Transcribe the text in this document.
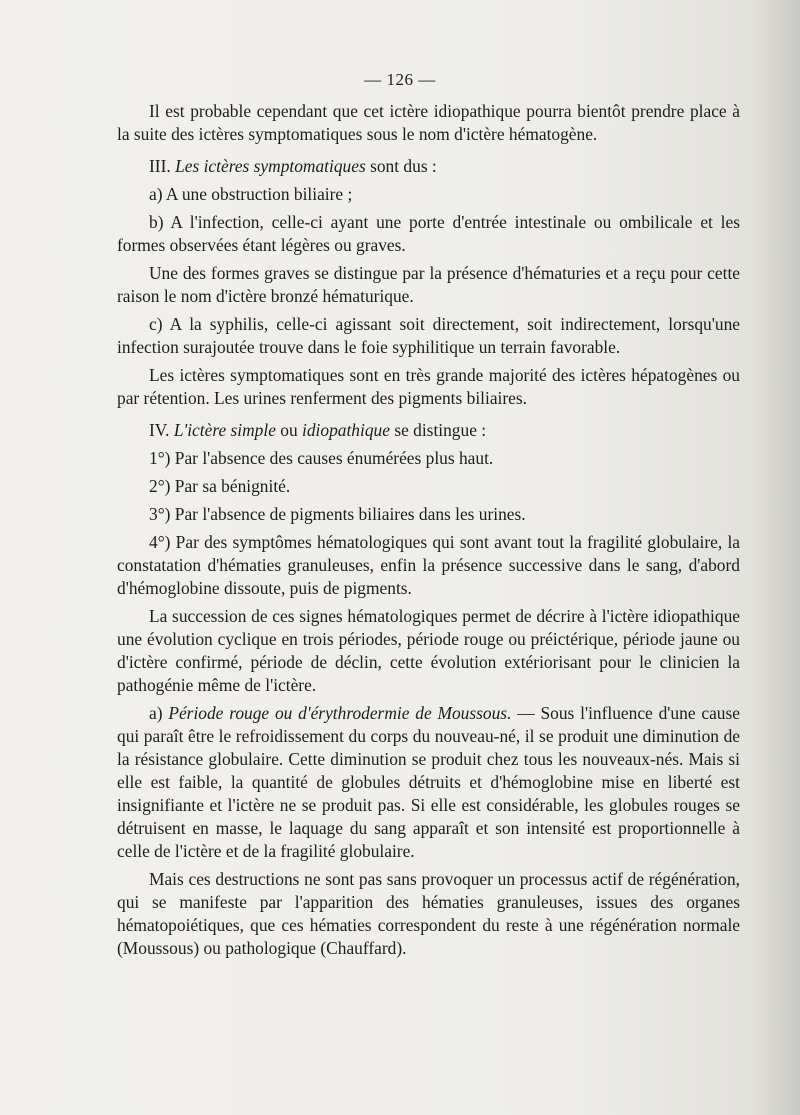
— 126 —

Il est probable cependant que cet ictère idiopathique pourra bientôt prendre place à la suite des ictères symptomatiques sous le nom d'ictère hématogène.

III. Les ictères symptomatiques sont dus :

a) A une obstruction biliaire ;

b) A l'infection, celle-ci ayant une porte d'entrée intestinale ou ombilicale et les formes observées étant légères ou graves.

Une des formes graves se distingue par la présence d'hématuries et a reçu pour cette raison le nom d'ictère bronzé hématurique.

c) A la syphilis, celle-ci agissant soit directement, soit indirectement, lorsqu'une infection surajoutée trouve dans le foie syphilitique un terrain favorable.

Les ictères symptomatiques sont en très grande majorité des ictères hépatogènes ou par rétention. Les urines renferment des pigments biliaires.

IV. L'ictère simple ou idiopathique se distingue :

1°) Par l'absence des causes énumérées plus haut.

2°) Par sa bénignité.

3°) Par l'absence de pigments biliaires dans les urines.

4°) Par des symptômes hématologiques qui sont avant tout la fragilité globulaire, la constatation d'hématies granuleuses, enfin la présence successive dans le sang, d'abord d'hémoglobine dissoute, puis de pigments.

La succession de ces signes hématologiques permet de décrire à l'ictère idiopathique une évolution cyclique en trois périodes, période rouge ou préictérique, période jaune ou d'ictère confirmé, période de déclin, cette évolution extériorisant pour le clinicien la pathogénie même de l'ictère.

a) Période rouge ou d'érythrodermie de Moussous. — Sous l'influence d'une cause qui paraît être le refroidissement du corps du nouveau-né, il se produit une diminution de la résistance globulaire. Cette diminution se produit chez tous les nouveaux-nés. Mais si elle est faible, la quantité de globules détruits et d'hémoglobine mise en liberté est insignifiante et l'ictère ne se produit pas. Si elle est considérable, les globules rouges se détruisent en masse, le laquage du sang apparaît et son intensité est proportionnelle à celle de l'ictère et de la fragilité globulaire.

Mais ces destructions ne sont pas sans provoquer un processus actif de régénération, qui se manifeste par l'apparition des hématies granuleuses, issues des organes hématopoiétiques, que ces hématies correspondent du reste à une régénération normale (Moussous) ou pathologique (Chauffard).
